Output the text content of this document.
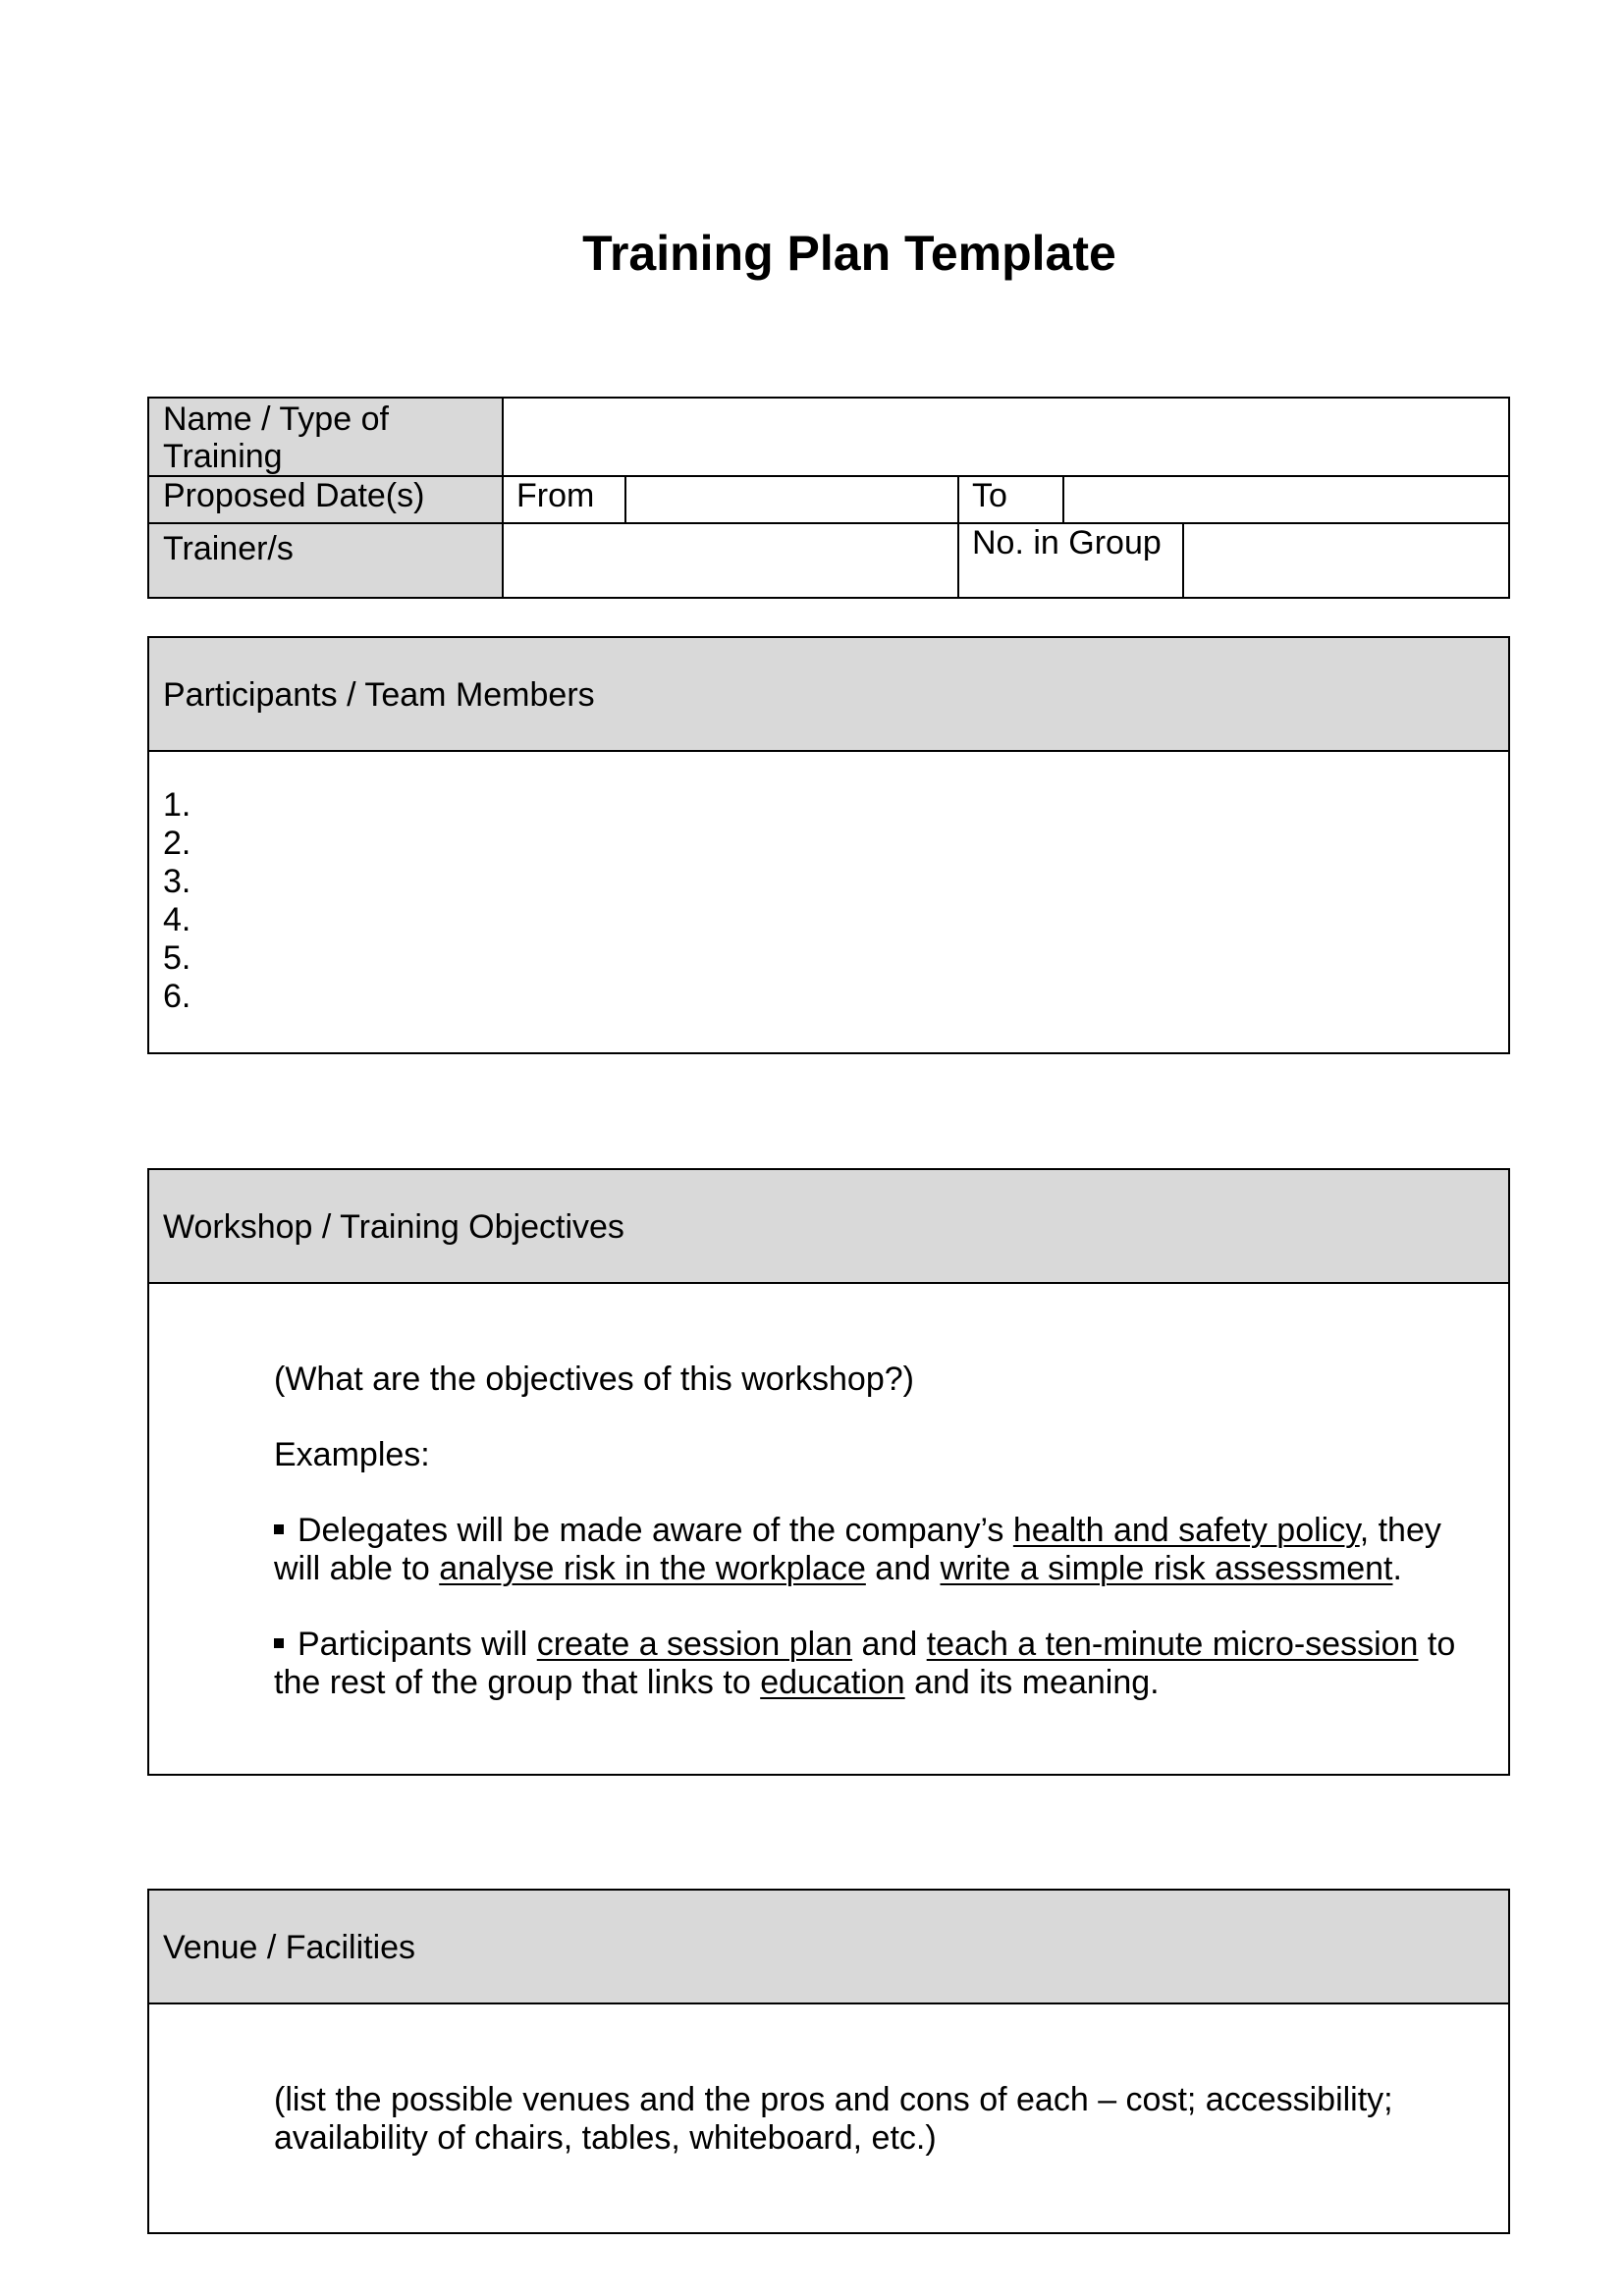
Training Plan Template
Name / Type of Training
Proposed Date(s)
Trainer/s
From	To
No. in Group
Participants / Team Members
1.
2.
3.
4.
5.
6.
Workshop / Training Objectives

(What are the objectives of this workshop?)

Examples:

Delegates will be made aware of the company’s health and safety policy, they will able to analyse risk in the workplace and write a simple risk assessment.

Participants will create a session plan and teach a ten-minute micro-session to the rest of the group that links to education and its meaning.

Venue / Facilities

(list the possible venues and the pros and cons of each – cost; accessibility; availability of chairs, tables, whiteboard, etc.)
